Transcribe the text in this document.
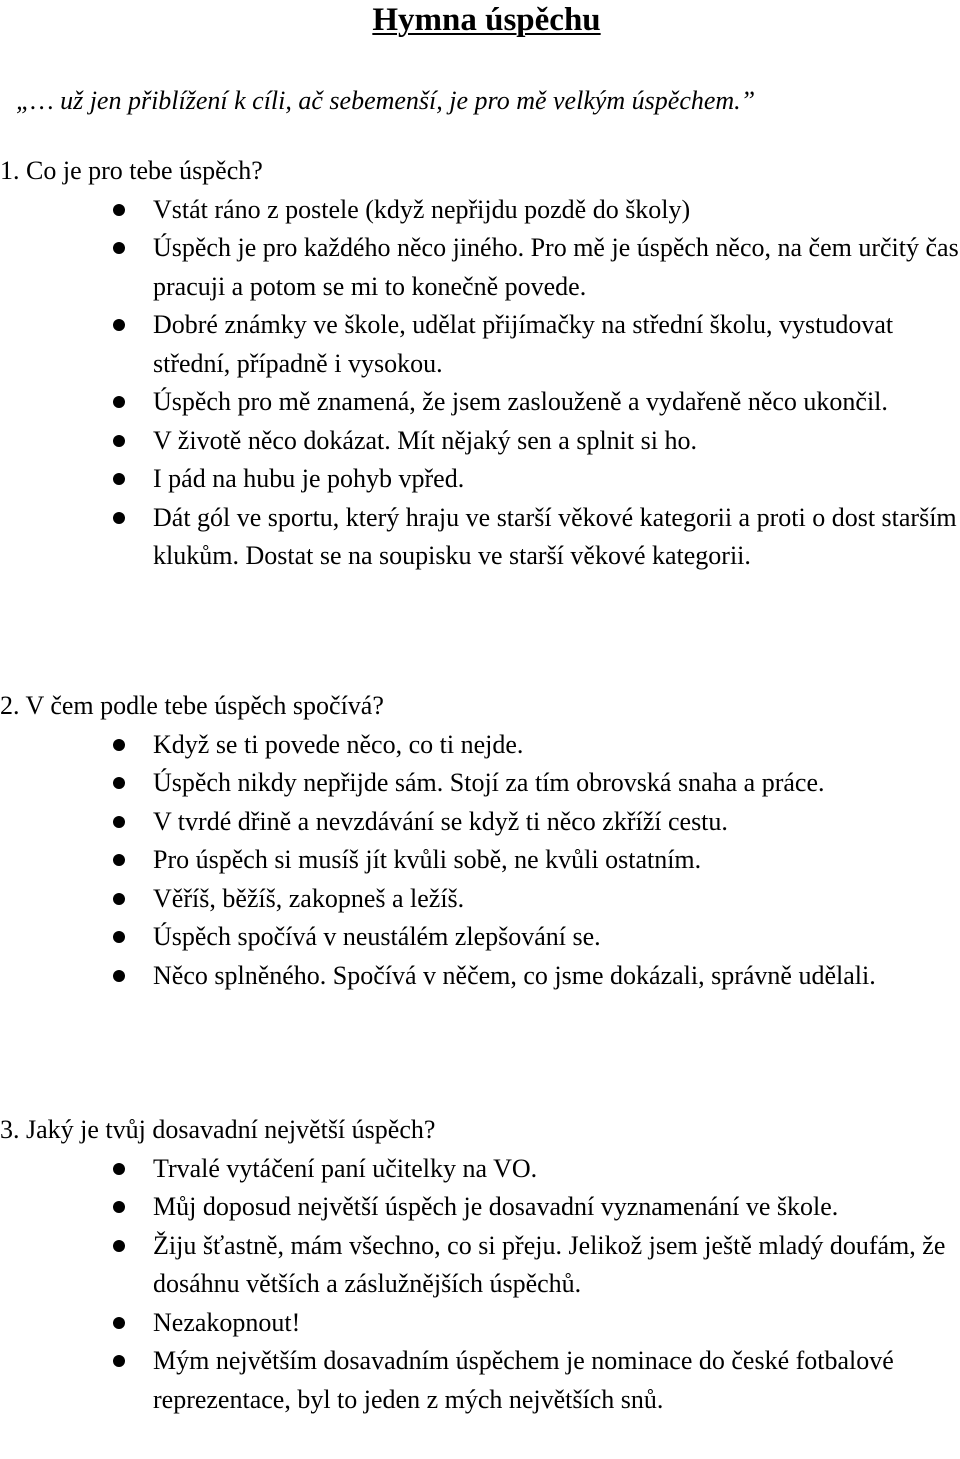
Hymna úspěchu

„… už jen přiblížení k cíli, ač sebemenší, je pro mě velkým úspěchem.”

1. Co je pro tebe úspěch?

Vstát ráno z postele (když nepřijdu pozdě do školy)
Úspěch je pro každého něco jiného. Pro mě je úspěch něco, na čem určitý čas pracuji a potom se mi to konečně povede.
Dobré známky ve škole, udělat přijímačky na střední školu, vystudovat střední, případně i vysokou.
Úspěch pro mě znamená, že jsem zaslouženě a vydařeně něco ukončil.
V životě něco dokázat. Mít nějaký sen a splnit si ho.
I pád na hubu je pohyb vpřed.
Dát gól ve sportu, který hraju ve starší věkové kategorii a proti o dost starším klukům. Dostat se na soupisku ve starší věkové kategorii.

2. V čem podle tebe úspěch spočívá?

Když se ti povede něco, co ti nejde.
Úspěch nikdy nepřijde sám. Stojí za tím obrovská snaha a práce.
V tvrdé dřině a nevzdávání se když ti něco zkříží cestu.
Pro úspěch si musíš jít kvůli sobě, ne kvůli ostatním.
Věříš, běžíš, zakopneš a ležíš.
Úspěch spočívá v neustálém zlepšování se.
Něco splněného. Spočívá v něčem, co jsme dokázali, správně udělali.

3. Jaký je tvůj dosavadní největší úspěch?

Trvalé vytáčení paní učitelky na VO.
Můj doposud největší úspěch je dosavadní vyznamenání ve škole.
Žiju šťastně, mám všechno, co si přeju. Jelikož jsem ještě mladý doufám, že dosáhnu větších a záslužnějších úspěchů.
Nezakopnout!
Mým největším dosavadním úspěchem je nominace do české fotbalové reprezentace, byl to jeden z mých největších snů.
